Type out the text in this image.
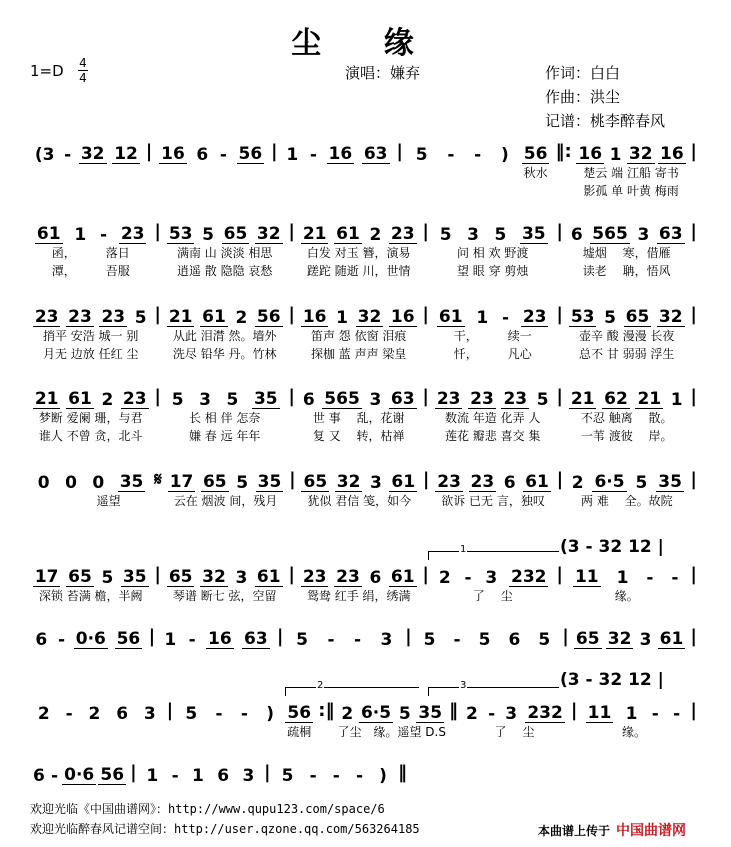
尘 缘
1=D 4
4	演唱：嫌弃	作词：白白
作曲：洪尘
记谱：桃李醉春风
(3 - 32 12 | 16 6 - 56 | 1 - 16 63 | 5 - - ) 56
秋水
‖: 16 1 32 16
楚云 端 江船 寄书
影孤 单 叶黄 梅雨
|
61 1 - 23
函，　　　落日
潭，　　　吾服
| 53 5 65 32
满南 山 淡淡 相思
逍遥 散 隐隐 哀愁
| 21 61 2 23
白发 对玉 簪，演易
蹉跎 随逝 川，世情
| 5 3 5 35
问 相 欢 野渡
望 眼 穿 剪烛
| 6 565 3 63
墟烟　 寒，借雁
读老　 聃，悟风
|
23 23 23 5
捎平 安浩 城一 别
月无 边放 任红 尘
| 21 61 2 56
从此 泪潸 然。墙外
洗尽 铅华 丹。竹林
| 16 1 32 16
笛声 怨 依窗 泪痕
探枷 蓝 声声 梁皇
| 61 1 - 23
干，　　　续一
忏，　　　凡心
| 53 5 65 32
壶辛 酸 漫漫 长夜
总不 甘 弱弱 浮生
|
21 61 2 23
梦断 爱阑 珊，与君
谁人 不曾 贪，北斗
| 5 3 5 35
长 相 伴 怎奈
嫌 春 远 年年
| 6 565 3 63
世 事　 乱，花谢
复 又　 转，枯禅
| 23 23 23 5
数流 年造 化弄 人
莲花 瓣悲 喜交 集
| 21 62 21 1
不忍 触离　 散。
一苇 渡彼　 岸。
|
0 0 0 35
　　　遥望
𝄋 17 65 5 35
云在 烟波 间，残月
| 65 32 3 61
犹似 君信 笺，如今
| 23 23 6 61
欲诉 已无 言，独叹
| 2 6·5 5 35
两 难　 全。故院
|
17 65 5 35
深锁 苔满 檐，半阙
| 65 32 3 61
琴谱 断七 弦，空留
| 23 23 6 61
鸳鸯 红手 绢，绣满
| 2 - 3 232
了　 尘
| 11 1 - -
缘。
|
6 - 0·6 56 | 1 - 16 63 | 5 - - 3 | 5 - 5 6 5 | 65 32 3 61 |
2 - 2 6 3 | 5 - - ) 56
疏桐
:‖ 2 6·5 5 35
了尘　缘。遥望 D.S
‖ 2 - 3 232
了　 尘
| 11 1 - -
缘。
|
6 - 0·6 56 | 1 - 1 6 3 | 5 - - - ) ‖
1	(3 - 32 12 |
2	3	(3 - 32 12 |
欢迎光临《中国曲谱网》：http://www.qupu123.com/space/6
欢迎光临醉春风记谱空间：http://user.qzone.qq.com/563264185	本曲谱上传于 中国曲谱网
